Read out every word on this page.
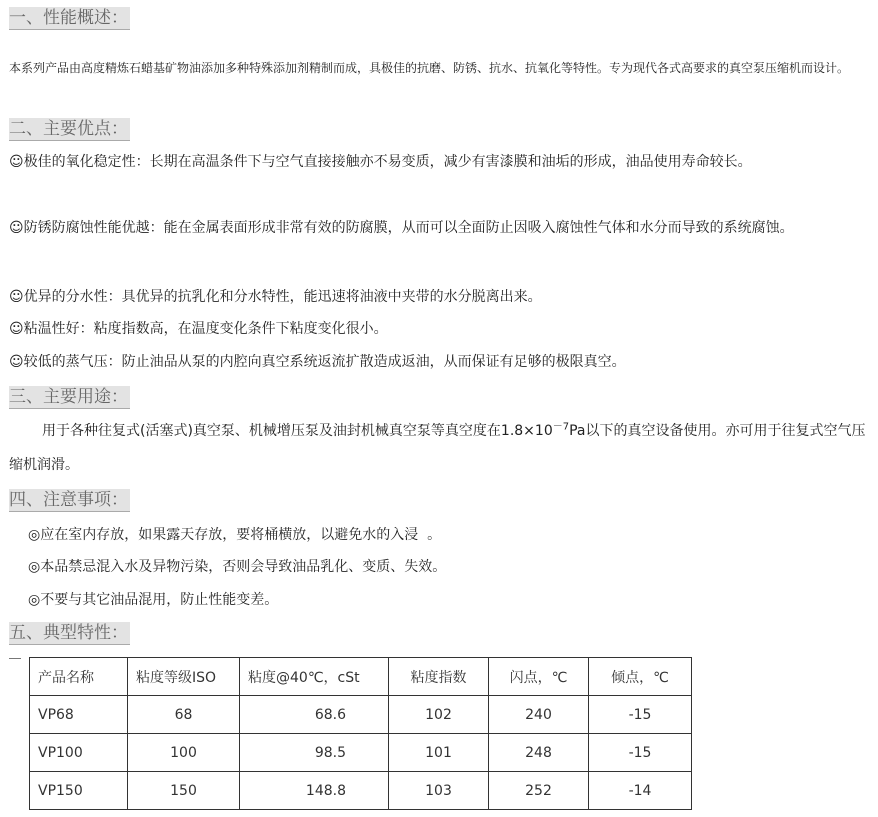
一、性能概述：
本系列产品由高度精炼石蜡基矿物油添加多种特殊添加剂精制而成，具极佳的抗磨、防锈、抗水、抗氧化等特性。专为现代各式高要求的真空泵压缩机而设计。
二、主要优点：
☺极佳的氧化稳定性：长期在高温条件下与空气直接接触亦不易变质，减少有害漆膜和油垢的形成，油品使用寿命较长。
☺防锈防腐蚀性能优越：能在金属表面形成非常有效的防腐膜，从而可以全面防止因吸入腐蚀性气体和水分而导致的系统腐蚀。
☺优异的分水性：具优异的抗乳化和分水特性，能迅速将油液中夹带的水分脱离出来。
☺粘温性好：粘度指数高，在温度变化条件下粘度变化很小。
☺较低的蒸气压：防止油品从泵的内腔向真空系统返流扩散造成返油，从而保证有足够的极限真空。
三、主要用途：
用于各种往复式(活塞式)真空泵、机械增压泵及油封机械真空泵等真空度在$1.8\times 10^{-7}Pa$以下的真空设备使用。亦可用于往复式空气压缩机润滑。
四、注意事项：
◎应在室内存放，如果露天存放，要将桶横放，以避免水的入浸  。
◎本品禁忌混入水及异物污染，否则会导致油品乳化、变质、失效。
◎不要与其它油品混用，防止性能变差。
五、典型特性：
产品名称	粘度等级ISO	粘度@40℃，cSt	粘度指数	闪点，℃	倾点，℃
VP68	68	68.6	102	240	-15
VP100	100	98.5	101	248	-15
VP150	150	148.8	103	252	-14
